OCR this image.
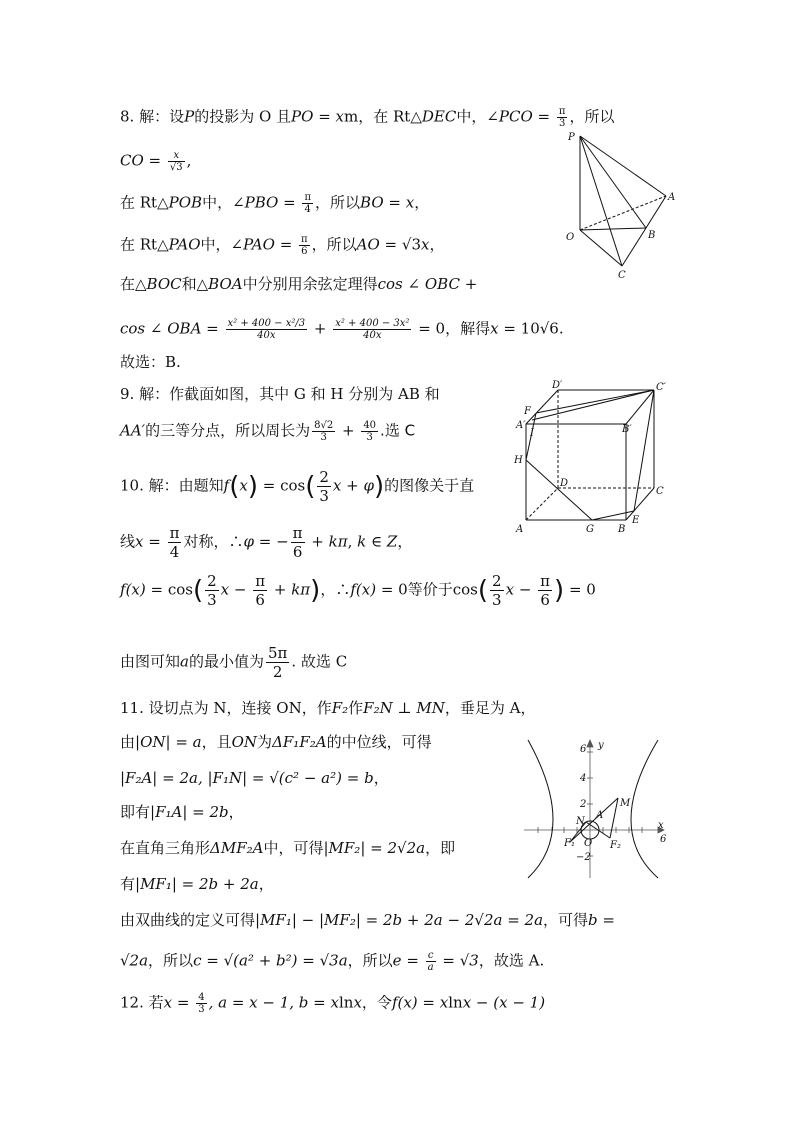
8. 解：设P的投影为 O 且PO = xm，在 Rt△DEC中，∠PCO = $\frac{\pi}{3}$ ，所以
CO = $\frac{x}{√3}$ ,
在 Rt△POB中，∠PBO = $\frac{\pi}{4}$ ，所以BO = x，
在 Rt△PAO中，∠PAO = $\frac{\pi}{6}$ ，所以AO = √3x，
在△BOC和△BOA中分别用余弦定理得cos ∠ OBC +
cos ∠ OBA = $\frac{\text{x² + 400 − x²/3}}{40x} + \frac{\text{x² + 400 − 3x²}}{40x} = 0$，解得x = 10√6.
故选：B.
P
A
O	B
C
9. 解：作截面如图，其中 G 和 H 分别为 AB 和
AA′的三等分点，所以周长为 $\frac{8√2}{3} + \frac{40}{3}$ .选 C
D′	C′
F
A′
I	B′
H
D
C
A	G B
E
10. 解：由题知$f(x) = \cos( \frac{2}{3}$ x + φ)的图像关于直
线$x = \frac{\pi}{4}$ 对称，∴φ = − $\frac{\pi}{6} + k\pi$, k ∈ Z，
$f(x) = \cos( \frac{2}{3}$ $x - \frac{\pi}{6} + k\pi$)，∴f(x) = 0等价于$\cos( \frac{2}{3}$ $x - \frac{\pi}{6}$ ) = 0
由图可知a的最小值为 $\frac{5\pi}{2}$ . 故选 C
11. 设切点为 N，连接 ON，作F₂作F₂N ⊥ MN，垂足为 A，
由|ON| = a，且ON为ΔF₁F₂A的中位线，可得
|F₂A| = 2a, |F₁N| = √(c² − a²) = b，
即有|F₁A| = 2b，
在直角三角形ΔMF₂A中，可得|MF₂| = 2√2a，即
有|MF₁| = 2b + 2a，
由双曲线的定义可得|MF₁| − |MF₂| = 2b + 2a − 2√2a = 2a，可得b =
√2a，所以c = √(a² + b²) = √3a，所以$e = \frac{c}{a} = √3$，故选 A.
6 y
4
2	M
N
A
x
F₁ O F₂
−2
6
12. 若$x = \frac{4}{3}$ , a = x − 1, b = xlnx，令f(x) = xlnx − (x − 1)
